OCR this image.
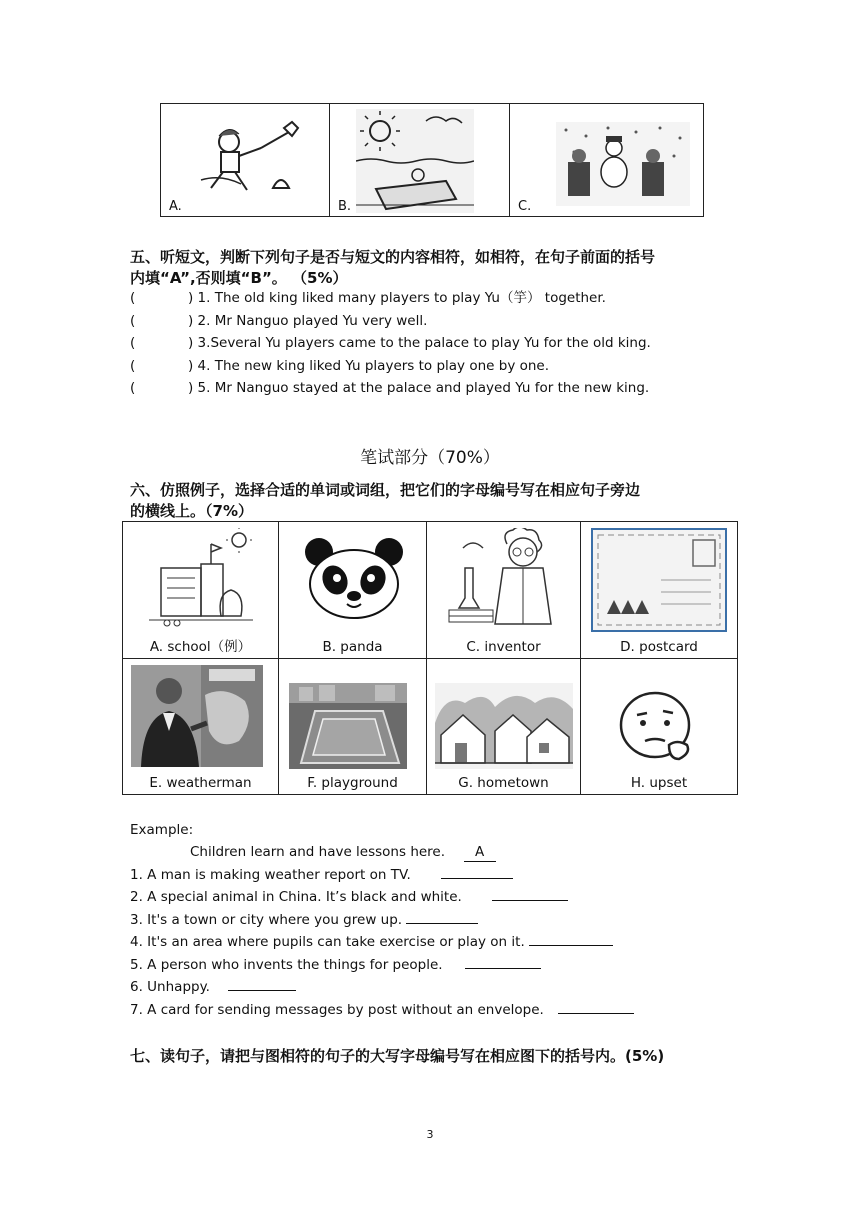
A.	B.	C.
五、听短文，判断下列句子是否与短文的内容相符，如相符，在句子前面的括号
内填“A”,否则填“B”。 （5%）
(	) 1. The old king liked many players to play Yu（竽） together.
(	) 2. Mr Nanguo played Yu very well.
(	) 3.Several Yu players came to the palace to play Yu for the old king.
(	) 4. The new king liked Yu players to play one by one.
(	) 5. Mr Nanguo stayed at the palace and played Yu for the new king.
笔试部分（70%）
六、仿照例子，选择合适的单词或词组，把它们的字母编号写在相应句子旁边
的横线上。（7%）
A. school（例）	B. panda	C. inventor	D. postcard
E. weatherman	F. playground	G. hometown	H. upset
Example:
Children learn and have lessons here. A
1. A man is making weather report on TV.
2. A special animal in China. It’s black and white.
3. It's a town or city where you grew up.
4. It's an area where pupils can take exercise or play on it.
5. A person who invents the things for people.
6. Unhappy.
7. A card for sending messages by post without an envelope.
七、读句子，请把与图相符的句子的大写字母编号写在相应图下的括号内。(5%)
3
